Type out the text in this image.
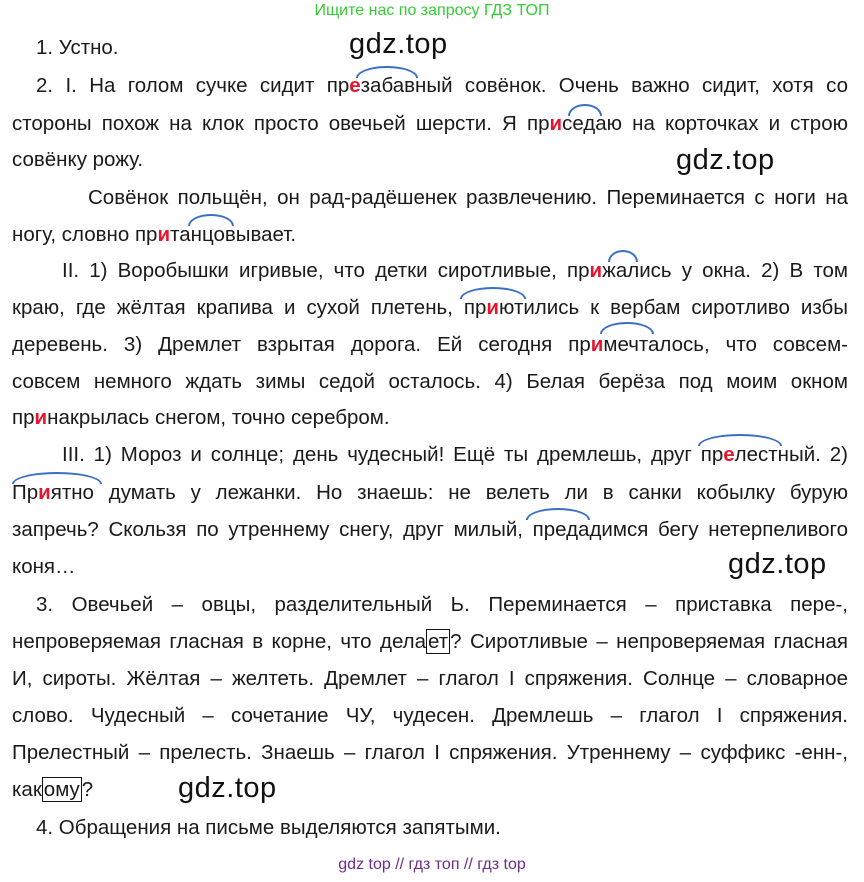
Ищите нас по запросу ГДЗ ТОП
gdz.top
gdz.top
gdz.top
gdz.top
1. Устно.
2. I. На голом сучке сидит презабавный совёнок. Очень важно сидит, хотя со
стороны похож на клок просто овечьей шерсти. Я приседаю на корточках и строю
совёнку рожу.
Совёнок польщён, он рад-радёшенек развлечению. Переминается с ноги на
ногу, словно пританцовывает.
II. 1) Воробышки игривые, что детки сиротливые, прижались у окна. 2) В том
краю, где жёлтая крапива и сухой плетень, приютились к вербам сиротливо избы
деревень. 3) Дремлет взрытая дорога. Ей сегодня примечталось, что совсем-
совсем немного ждать зимы седой осталось. 4) Белая берёза под моим окном
принакрылась снегом, точно серебром.
III. 1) Мороз и солнце; день чудесный! Ещё ты дремлешь, друг прелестный. 2)
Приятно думать у лежанки. Но знаешь: не велеть ли в санки кобылку бурую
запречь? Скользя по утреннему снегу, друг милый, предадимся бегу нетерпеливого
коня…
3. Овечьей – овцы, разделительный Ь. Переминается – приставка пере-,
непроверяемая гласная в корне, что делает? Сиротливые – непроверяемая гласная
И, сироты. Жёлтая – желтеть. Дремлет – глагол I спряжения. Солнце – словарное
слово. Чудесный – сочетание ЧУ, чудесен. Дремлешь – глагол I спряжения.
Прелестный – прелесть. Знаешь – глагол I спряжения. Утреннему – суффикс -енн-,
какому?
4. Обращения на письме выделяются запятыми.
gdz top // гдз топ // гдз top
